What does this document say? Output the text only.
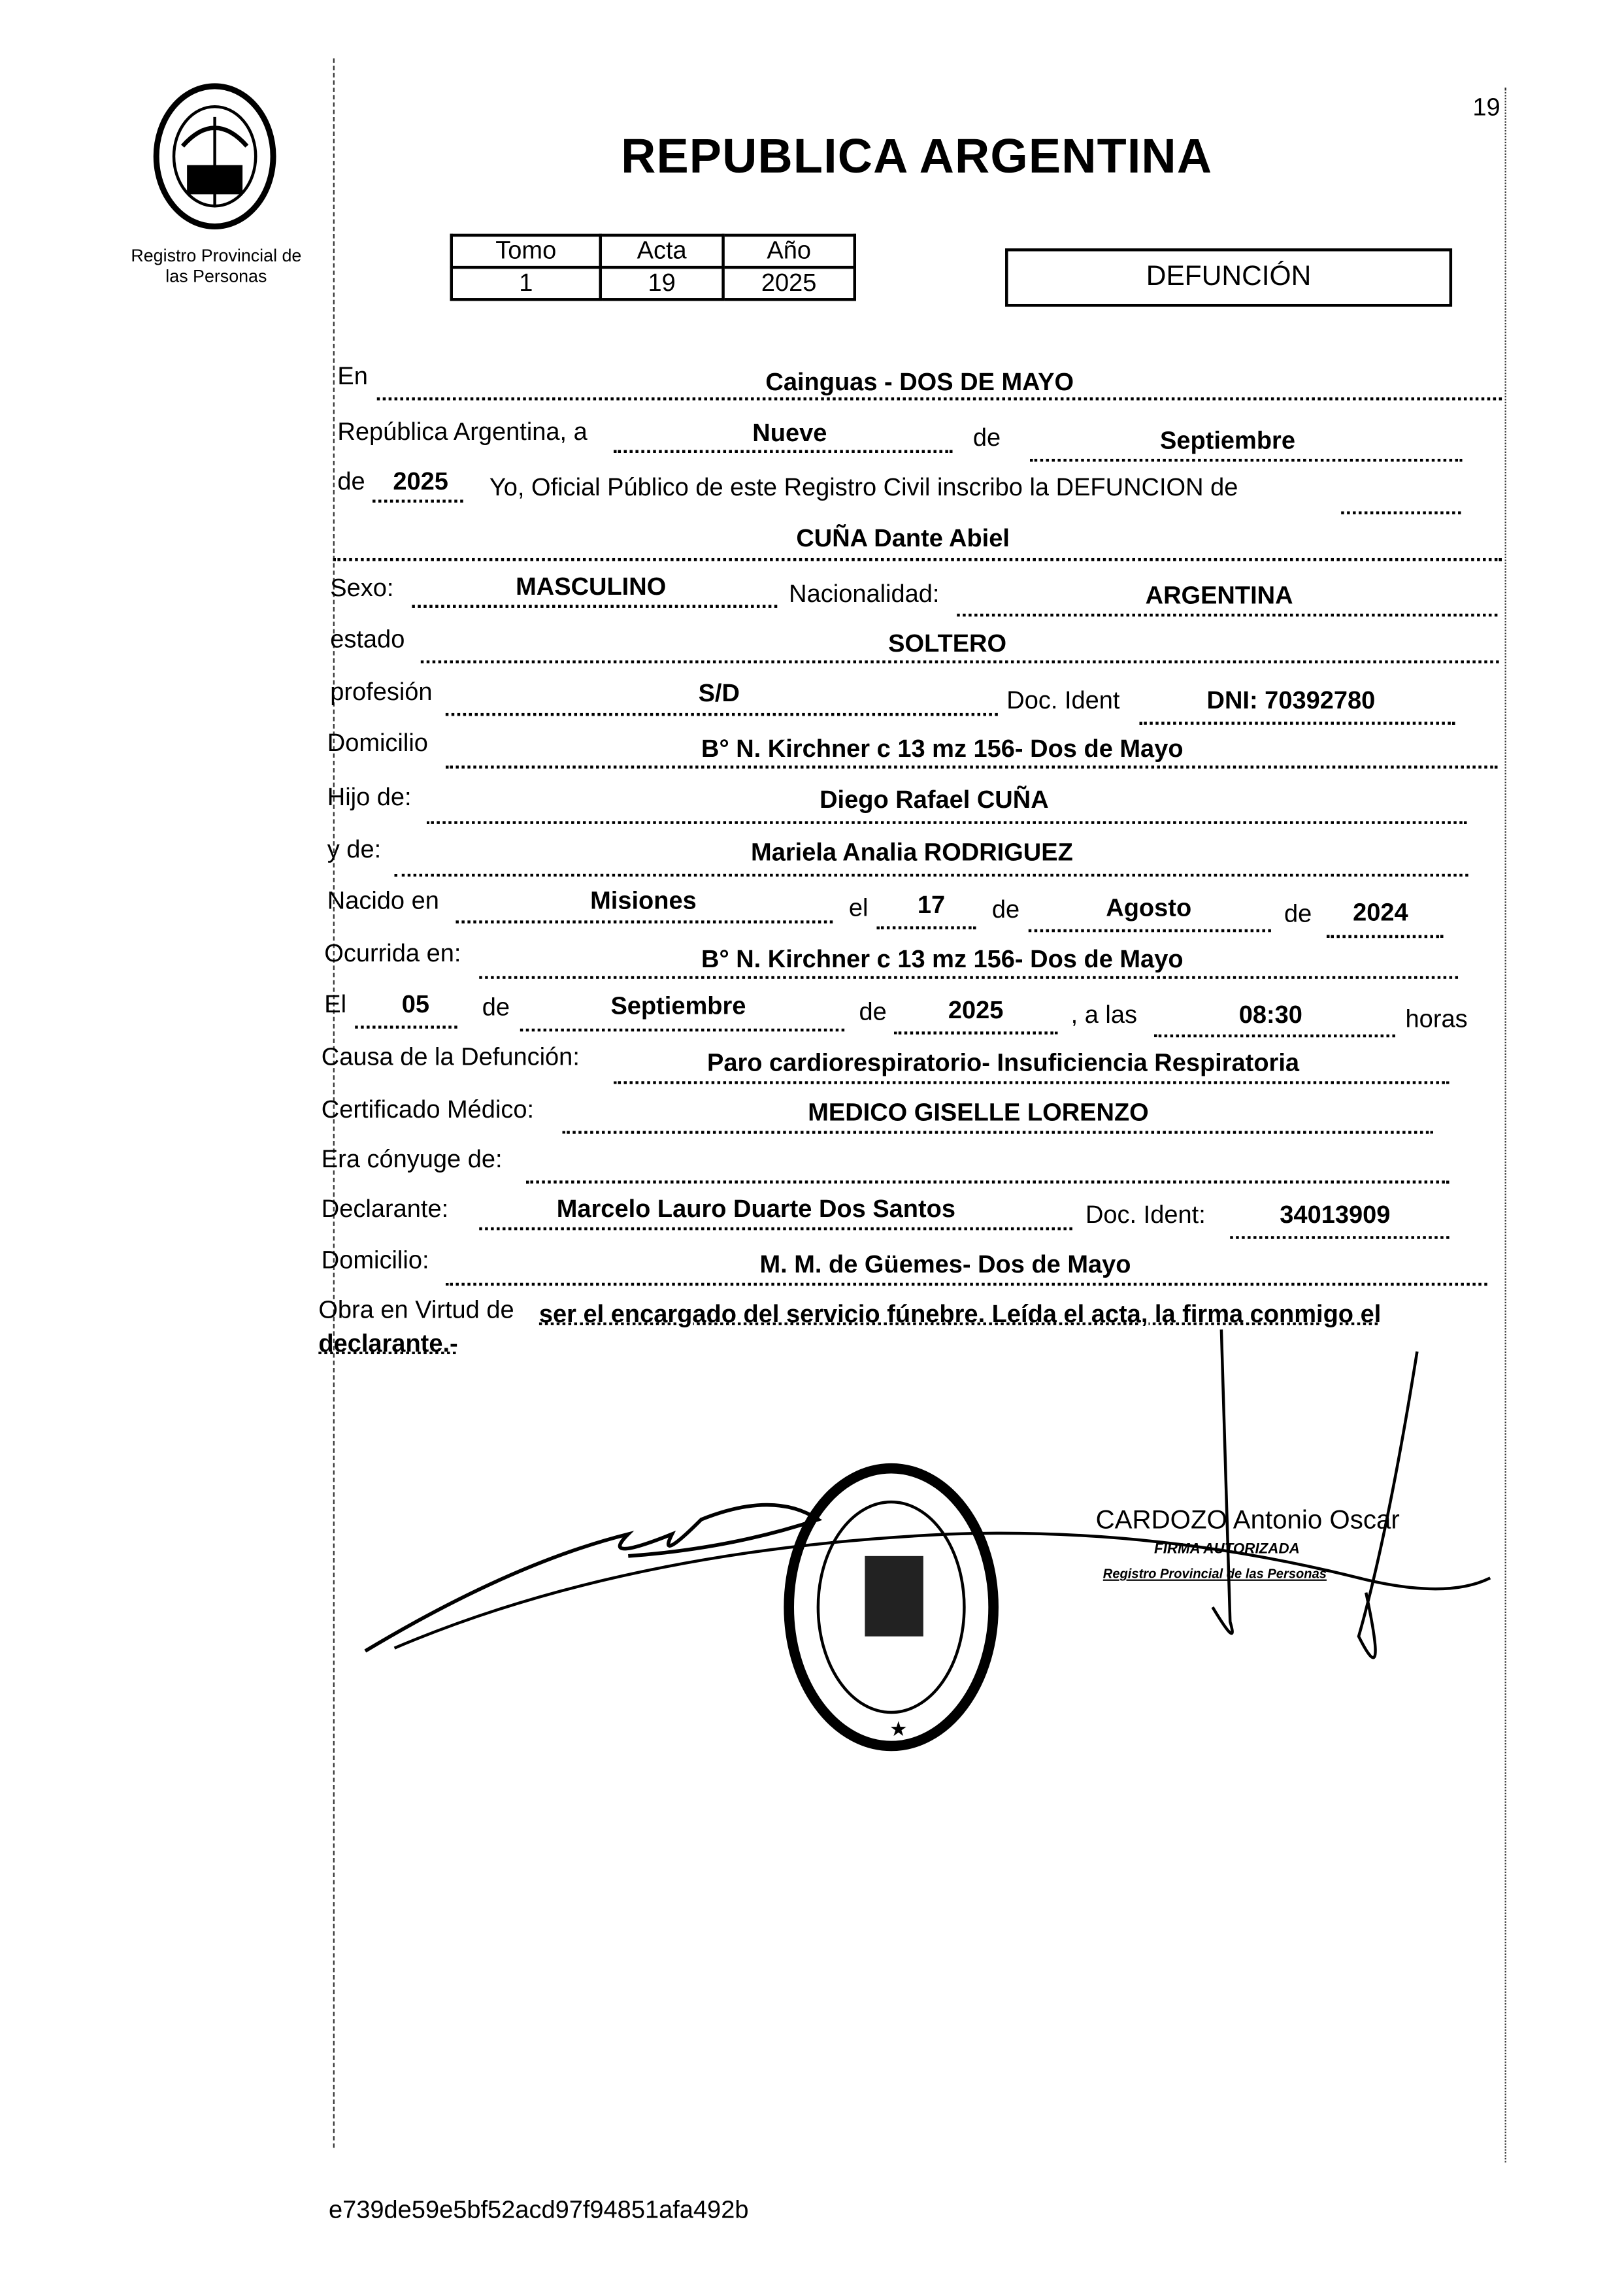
Registro Provincial de
las Personas
19
REPUBLICA ARGENTINA
Tomo	Acta	Año
1	19	2025	DEFUNCIÓN
En	Cainguas - DOS DE MAYO
República Argentina, a	Nueve	de	Septiembre
de	2025	Yo, Oficial Público de este Registro Civil inscribo la DEFUNCION de
CUÑA Dante Abiel
Sexo:	MASCULINO	Nacionalidad:	ARGENTINA
estado	SOLTERO
profesión	S/D	Doc. Ident	DNI: 70392780
Domicilio	B° N. Kirchner c 13 mz 156- Dos de Mayo
Hijo de:	Diego Rafael CUÑA
y de:	Mariela Analia RODRIGUEZ
Nacido en	Misiones	el	17	de	Agosto	de	2024
Ocurrida en:	B° N. Kirchner c 13 mz 156- Dos de Mayo
El	05	de	Septiembre	de	2025	, a las	08:30	horas
Causa de la Defunción:	Paro cardiorespiratorio- Insuficiencia Respiratoria
Certificado Médico:	MEDICO GISELLE LORENZO
Era cónyuge de:
Declarante:	Marcelo Lauro Duarte Dos Santos	Doc. Ident:	34013909
Domicilio:	M. M. de Güemes- Dos de Mayo
Obra en Virtud de ser el encargado del servicio fúnebre. Leída el acta, la firma conmigo el
declarante.-
★
CARDOZO Antonio Oscar
FIRMA AUTORIZADA
Registro Provincial de las Personas
e739de59e5bf52acd97f94851afa492b
